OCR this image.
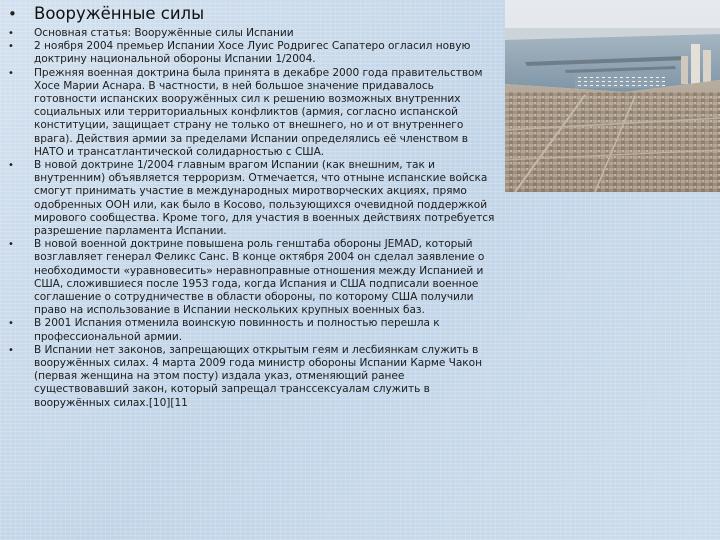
•	Вооружённые силы
•	Основная статья: Вооружённые силы Испании
•	2 ноября 2004 премьер Испании Хосе Луис Родригес Сапатеро огласил новую доктрину национальной обороны Испании 1/2004.
•	Прежняя военная доктрина была принята в декабре 2000 года правительством Хосе Марии Аснара. В частности, в ней большое значение придавалось готовности испанских вооружённых сил к решению возможных внутренних социальных или территориальных конфликтов (армия, согласно испанской конституции, защищает страну не только от внешнего, но и от внутреннего врага). Действия армии за пределами Испании определялись её членством в НАТО и трансатлантической солидарностью с США.
•	В новой доктрине 1/2004 главным врагом Испании (как внешним, так и внутренним) объявляется терроризм. Отмечается, что отныне испанские войска смогут принимать участие в международных миротворческих акциях, прямо одобренных ООН или, как было в Косово, пользующихся очевидной поддержкой мирового сообщества. Кроме того, для участия в военных действиях потребуется разрешение парламента Испании.
•	В новой военной доктрине повышена роль генштаба обороны JEMAD, который возглавляет генерал Феликс Санс. В конце октября 2004 он сделал заявление о необходимости «уравновесить» неравноправные отношения между Испанией и США, сложившиеся после 1953 года, когда Испания и США подписали военное соглашение о сотрудничестве в области обороны, по которому США получили право на использование в Испании нескольких крупных военных баз.
•	В 2001 Испания отменила воинскую повинность и полностью перешла к профессиональной армии.
•	В Испании нет законов, запрещающих открытым геям и лесбиянкам служить в вооружённых силах. 4 марта 2009 года министр обороны Испании Карме Чакон (первая женщина на этом посту) издала указ, отменяющий ранее существовавший закон, который запрещал транссексуалам служить в вооружённых силах.[10][11
